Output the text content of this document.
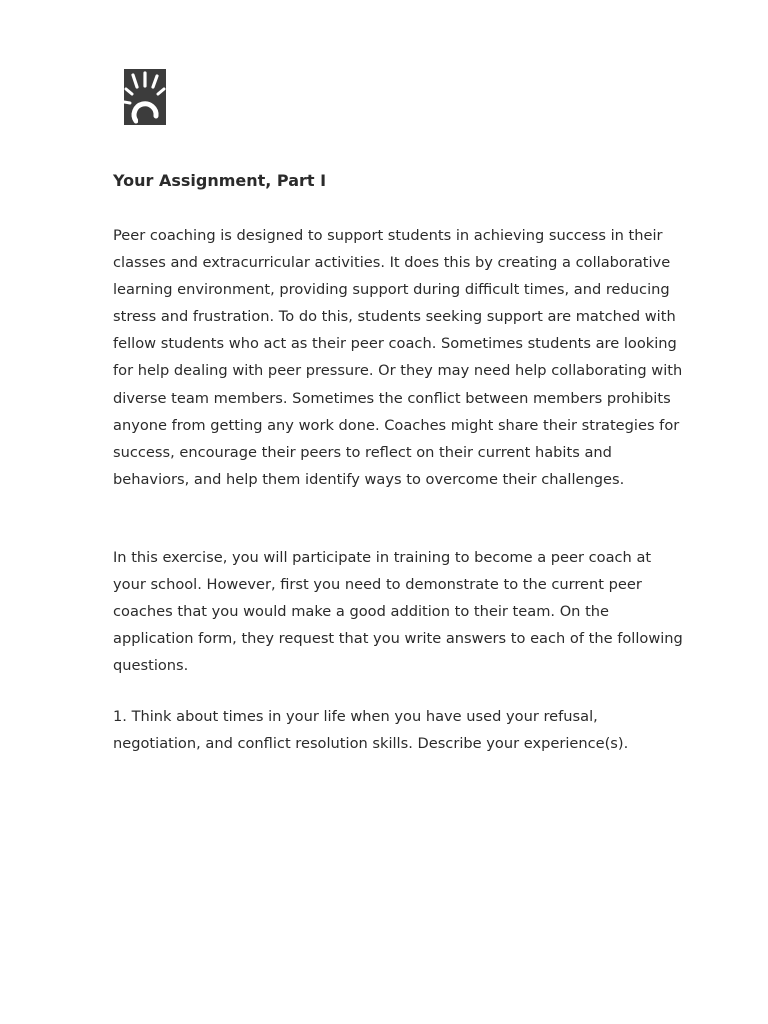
Your Assignment, Part I

Peer coaching is designed to support students in achieving success in their classes and extracurricular activities. It does this by creating a collaborative learning environment, providing support during difficult times, and reducing stress and frustration. To do this, students seeking support are matched with fellow students who act as their peer coach. Sometimes students are looking for help dealing with peer pressure. Or they may need help collaborating with diverse team members. Sometimes the conflict between members prohibits anyone from getting any work done. Coaches might share their strategies for success, encourage their peers to reflect on their current habits and behaviors, and help them identify ways to overcome their challenges.

In this exercise, you will participate in training to become a peer coach at your school. However, first you need to demonstrate to the current peer coaches that you would make a good addition to their team. On the application form, they request that you write answers to each of the following questions.

1. Think about times in your life when you have used your refusal, negotiation, and conflict resolution skills. Describe your experience(s).
